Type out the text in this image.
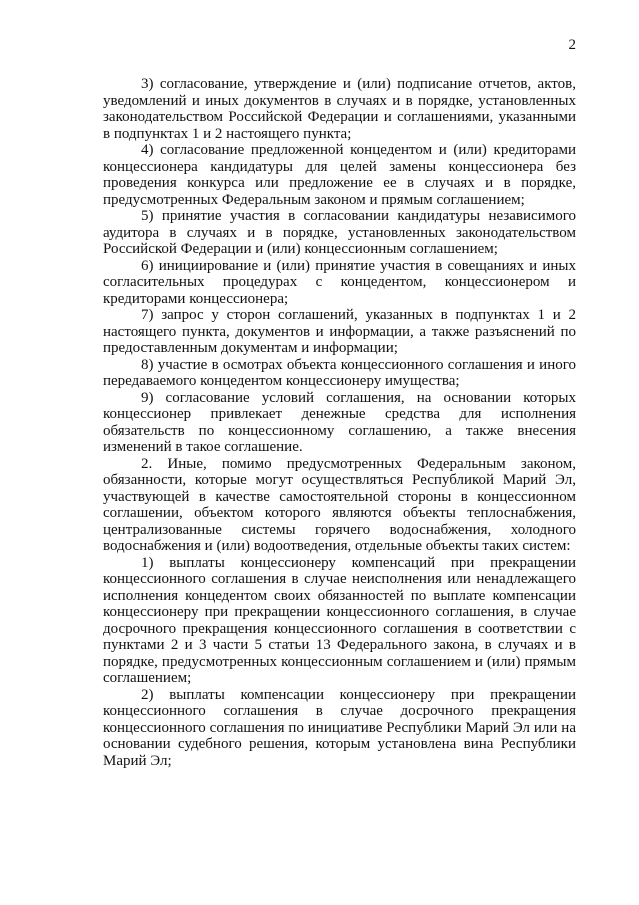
2

3) согласование, утверждение и (или) подписание отчетов, актов, уведомлений и иных документов в случаях и в порядке, установленных законодательством Российской Федерации и соглашениями, указанными в подпунктах 1 и 2 настоящего пункта;

4) согласование предложенной концедентом и (или) кредиторами концессионера кандидатуры для целей замены концессионера без проведения конкурса или предложение ее в случаях и в порядке, предусмотренных Федеральным законом и прямым соглашением;

5) принятие участия в согласовании кандидатуры независимого аудитора в случаях и в порядке, установленных законодательством Российской Федерации и (или) концессионным соглашением;

6) инициирование и (или) принятие участия в совещаниях и иных согласительных процедурах с концедентом, концессионером и кредиторами концессионера;

7) запрос у сторон соглашений, указанных в подпунктах 1 и 2 настоящего пункта, документов и информации, а также разъяснений по предоставленным документам и информации;

8) участие в осмотрах объекта концессионного соглашения и иного передаваемого концедентом концессионеру имущества;

9) согласование условий соглашения, на основании которых концессионер привлекает денежные средства для исполнения обязательств по концессионному соглашению, а также внесения изменений в такое соглашение.

2. Иные, помимо предусмотренных Федеральным законом, обязанности, которые могут осуществляться Республикой Марий Эл, участвующей в качестве самостоятельной стороны в концессионном соглашении, объектом которого являются объекты теплоснабжения, централизованные системы горячего водоснабжения, холодного водоснабжения и (или) водоотведения, отдельные объекты таких систем:

1) выплаты концессионеру компенсаций при прекращении концессионного соглашения в случае неисполнения или ненадлежащего исполнения концедентом своих обязанностей по выплате компенсации концессионеру при прекращении концессионного соглашения, в случае досрочного прекращения концессионного соглашения в соответствии с пунктами 2 и 3 части 5 статьи 13 Федерального закона, в случаях и в порядке, предусмотренных концессионным соглашением и (или) прямым соглашением;

2) выплаты компенсации концессионеру при прекращении концессионного соглашения в случае досрочного прекращения концессионного соглашения по инициативе Республики Марий Эл или на основании судебного решения, которым установлена вина Республики Марий Эл;
